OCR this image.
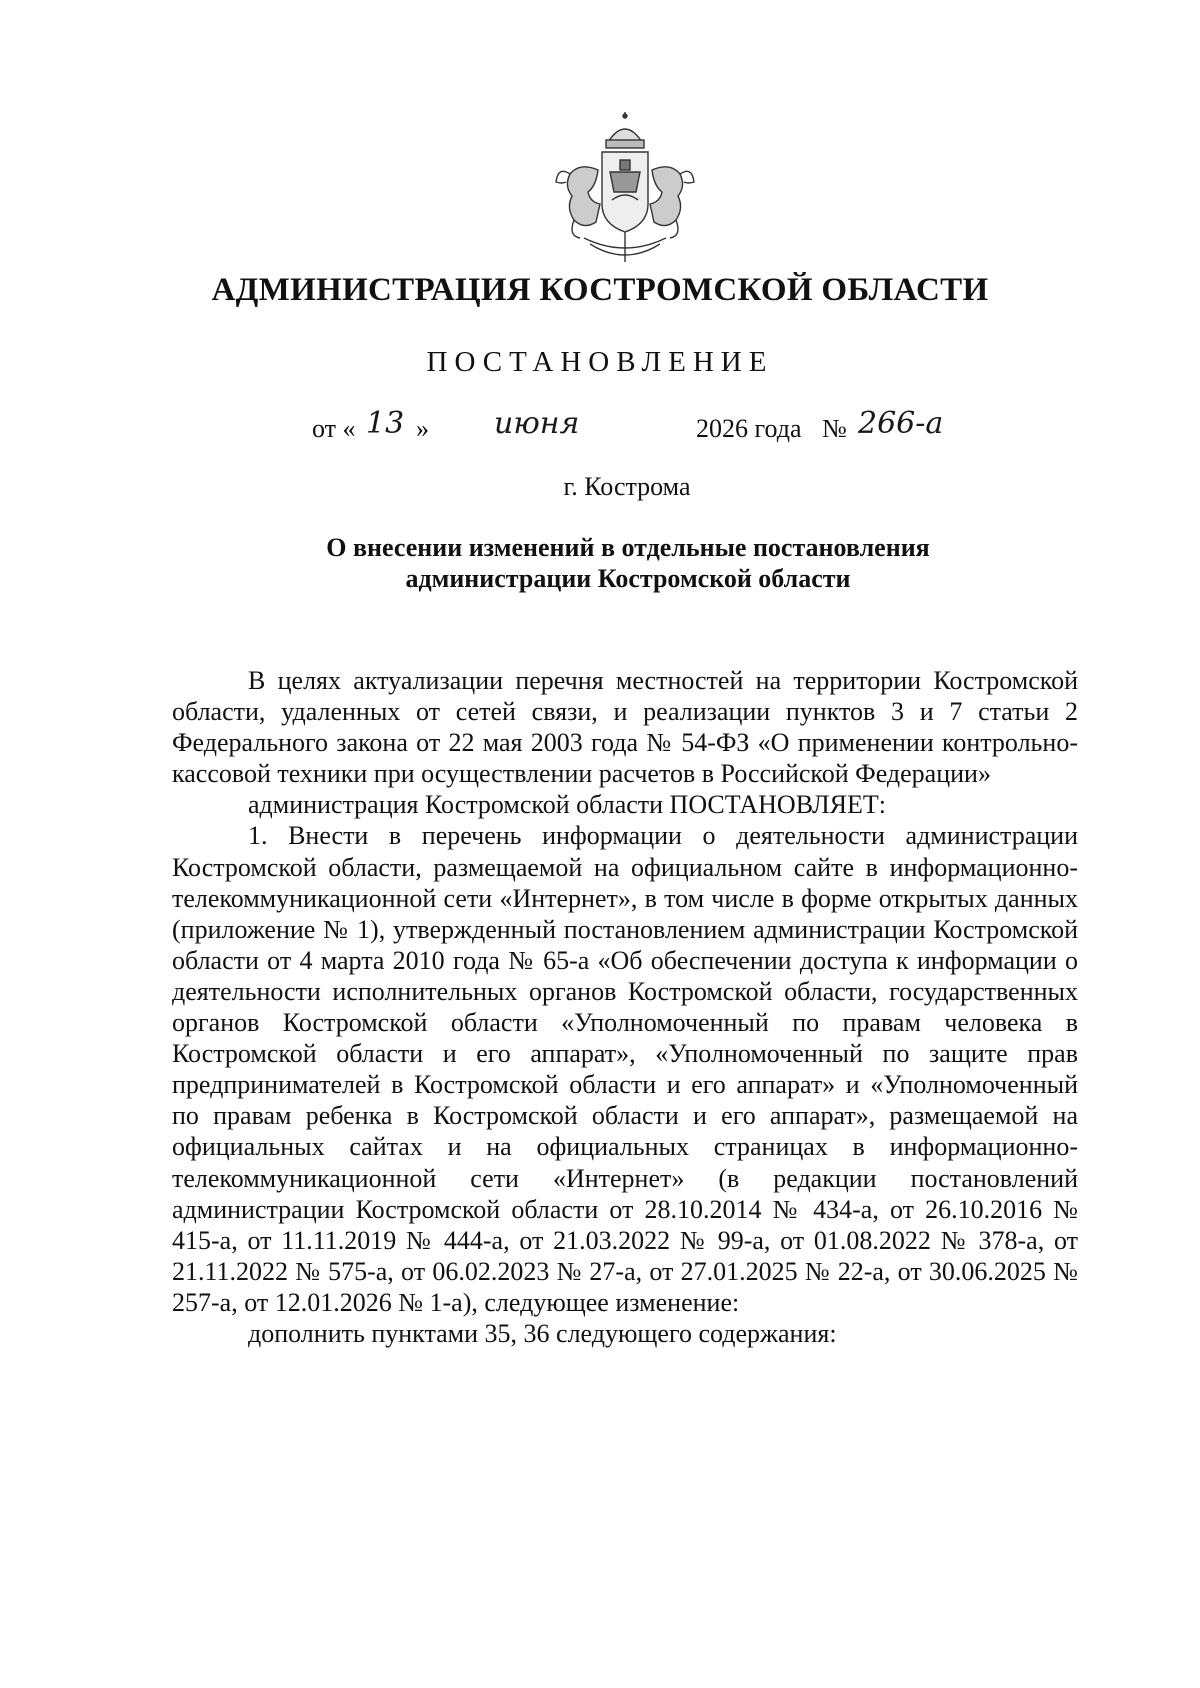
АДМИНИСТРАЦИЯ КОСТРОМСКОЙ ОБЛАСТИ
ПОСТАНОВЛЕНИЕ
от « 13 » июня	2026 года № 266-а
г. Кострома
О внесении изменений в отдельные постановления
администрации Костромской области

В целях актуализации перечня местностей на территории Костромской области, удаленных от сетей связи, и реализации пунктов 3 и 7 статьи 2 Федерального закона от 22 мая 2003 года № 54-ФЗ «О применении контрольно-кассовой техники при осуществлении расчетов в Российской Федерации»

администрация Костромской области ПОСТАНОВЛЯЕТ:

1. Внести в перечень информации о деятельности администрации Костромской области, размещаемой на официальном сайте в информационно-телекоммуникационной сети «Интернет», в том числе в форме открытых данных (приложение № 1), утвержденный постановлением администрации Костромской области от 4 марта 2010 года № 65-а «Об обеспечении доступа к информации о деятельности исполнительных органов Костромской области, государственных органов Костромской области «Уполномоченный по правам человека в Костромской области и его аппарат», «Уполномоченный по защите прав предпринимателей в Костромской области и его аппарат» и «Уполномоченный по правам ребенка в Костромской области и его аппарат», размещаемой на официальных сайтах и на официальных страницах в информационно-телекоммуникационной сети «Интернет» (в редакции постановлений администрации Костромской области от 28.10.2014 № 434-а, от 26.10.2016 № 415-а, от 11.11.2019 № 444-а, от 21.03.2022 № 99-а, от 01.08.2022 № 378-а, от 21.11.2022 № 575-а, от 06.02.2023 № 27-а, от 27.01.2025 № 22-а, от 30.06.2025 № 257-а, от 12.01.2026 № 1-а), следующее изменение:

дополнить пунктами 35, 36 следующего содержания:
